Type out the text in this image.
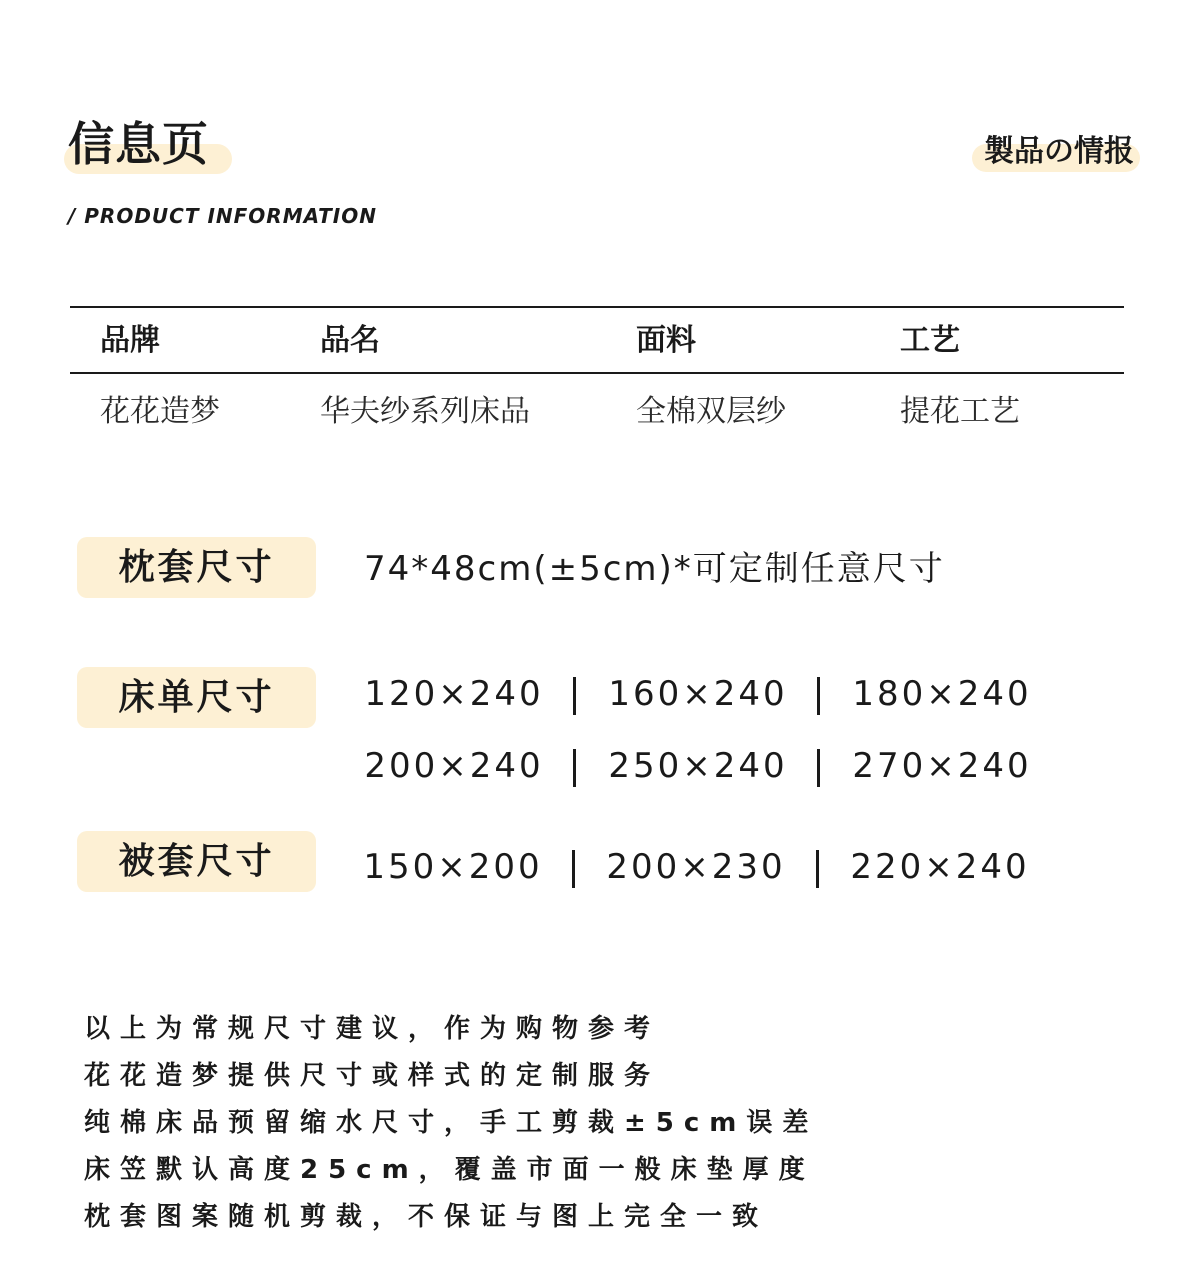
信息页
/ PRODUCT INFORMATION
製品の情报
品牌	品名	面料	工艺
花花造梦	华夫纱系列床品	全棉双层纱	提花工艺
枕套尺寸	74*48cm(±5cm)*可定制任意尺寸
床单尺寸	120×240	160×240	180×240
200×240	250×240	270×240
被套尺寸	150×200	200×230	220×240
以上为常规尺寸建议，作为购物参考
花花造梦提供尺寸或样式的定制服务
纯棉床品预留缩水尺寸，手工剪裁±5cm误差
床笠默认高度25cm，覆盖市面一般床垫厚度
枕套图案随机剪裁，不保证与图上完全一致
